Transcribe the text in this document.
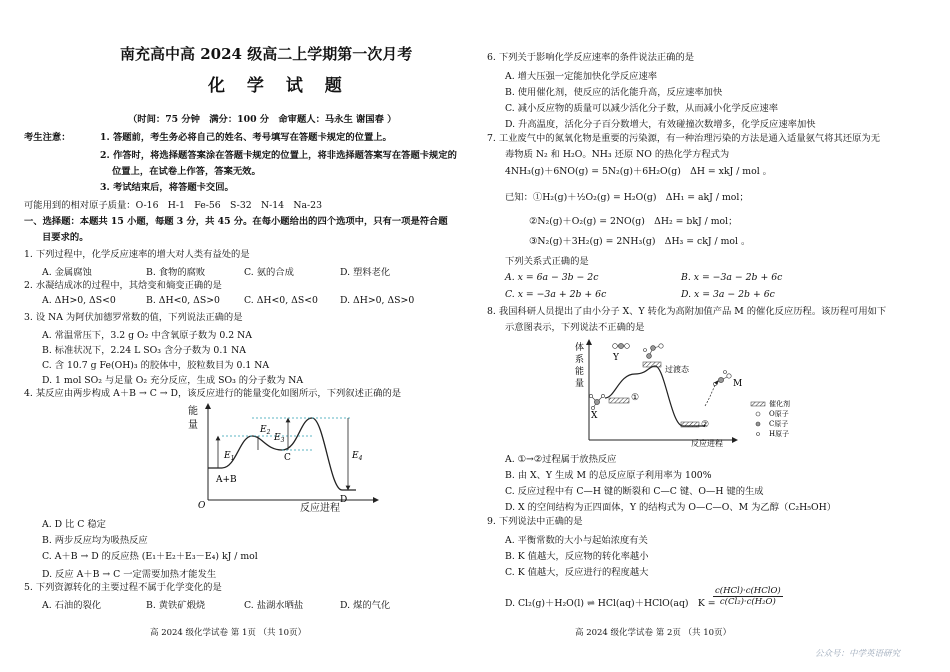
南充高中高 2024 级高二上学期第一次月考
化 学 试 题
（时间：75 分钟　满分：100 分　命审题人：马永生 谢国春 ）
考生注意：	1. 答题前，考生务必将自己的姓名、考号填写在答题卡规定的位置上。
2. 作答时，将选择题答案涂在答题卡规定的位置上，将非选择题答案写在答题卡规定的
位置上，在试卷上作答，答案无效。
3. 考试结束后，将答题卡交回。
可能用到的相对原子质量：O-16　H-1　Fe-56　S-32　N-14　Na-23
一、选择题：本题共 15 小题，每题 3 分，共 45 分。在每小题给出的四个选项中，只有一项是符合题
目要求的。
1. 下列过程中，化学反应速率的增大对人类有益处的是
A. 金属腐蚀	B. 食物的腐败	C. 氨的合成	D. 塑料老化
2. 水凝结成冰的过程中，其焓变和熵变正确的是
A. ΔH>0, ΔS<0	B. ΔH<0, ΔS>0	C. ΔH<0, ΔS<0 D. ΔH>0, ΔS>0
3. 设 NA 为阿伏加德罗常数的值，下列说法正确的是
A. 常温常压下，3.2 g O₂ 中含氧原子数为 0.2 NA
B. 标准状况下，2.24 L SO₃ 含分子数为 0.1 NA
C. 含 10.7 g Fe(OH)₃ 的胶体中，胶粒数目为 0.1 NA
D. 1 mol SO₂ 与足量 O₂ 充分反应，生成 SO₃ 的分子数为 NA
4. 某反应由两步构成 A＋B → C → D，该反应进行的能量变化如图所示，下列叙述正确的是
能
量
O
$E_1$
$E_2$
$E_3$
$E_4$
A+B
C
D
反应进程
A. D 比 C 稳定
B. 两步反应均为吸热反应
C. A＋B → D 的反应热 (E₁＋E₂＋E₃－E₄) kJ / mol
D. 反应 A＋B → C 一定需要加热才能发生
5. 下列资源转化的主要过程不属于化学变化的是
A. 石油的裂化	B. 黄铁矿煅烧	C. 盐湖水晒盐	D. 煤的气化
高 2024 级化学试卷 第 1页 （共 10页）
6. 下列关于影响化学反应速率的条件说法正确的是
A. 增大压强一定能加快化学反应速率
B. 使用催化剂，使反应的活化能升高，反应速率加快
C. 减小反应物的质量可以减少活化分子数，从而减小化学反应速率
D. 升高温度，活化分子百分数增大，有效碰撞次数增多，化学反应速率加快
7. 工业废气中的氮氧化物是重要的污染源，有一种治理污染的方法是通入适量氨气将其还原为无
毒物质 N₂ 和 H₂O。NH₃ 还原 NO 的热化学方程式为
4NH₃(g)＋6NO(g) = 5N₂(g)＋6H₂O(g)　ΔH = xkJ / mol 。
已知：①H₂(g)＋½O₂(g) = H₂O(g)　ΔH₁ = akJ / mol；
②N₂(g)＋O₂(g) = 2NO(g)　ΔH₂ = bkJ / mol；
③N₂(g)＋3H₂(g) = 2NH₃(g)　ΔH₃ = ckJ / mol 。
下列关系式正确的是
A. x = 6a − 3b − 2c	B. x = −3a − 2b + 6c
C. x = −3a + 2b + 6c	D. x = 3a − 2b + 6c
8. 我国科研人员提出了由小分子 X、Y 转化为高附加值产品 M 的催化反应历程。该历程可用如下
示意图表示，下列说法不正确的是
体
系
能
量
①
②
过渡态
X
Y
M
催化剂
O原子
C原子
H原子
反应进程
A. ①→②过程属于放热反应
B. 由 X、Y 生成 M 的总反应原子利用率为 100%
C. 反应过程中有 C—H 键的断裂和 C—C 键、O—H 键的生成
D. X 的空间结构为正四面体，Y 的结构式为 O—C—O、M 为乙醇（C₂H₅OH）
9. 下列说法中正确的是
A. 平衡常数的大小与起始浓度有关
B. K 值越大，反应物的转化率越小
C. K 值越大，反应进行的程度越大
D. Cl₂(g)＋H₂O(l) ⇌ HCl(aq)＋HClO(aq)　K =
c(HCl)·c(HClO)
c(Cl₂)·c(H₂O)
高 2024 级化学试卷 第 2页 （共 10页）
公众号：中学英语研究
